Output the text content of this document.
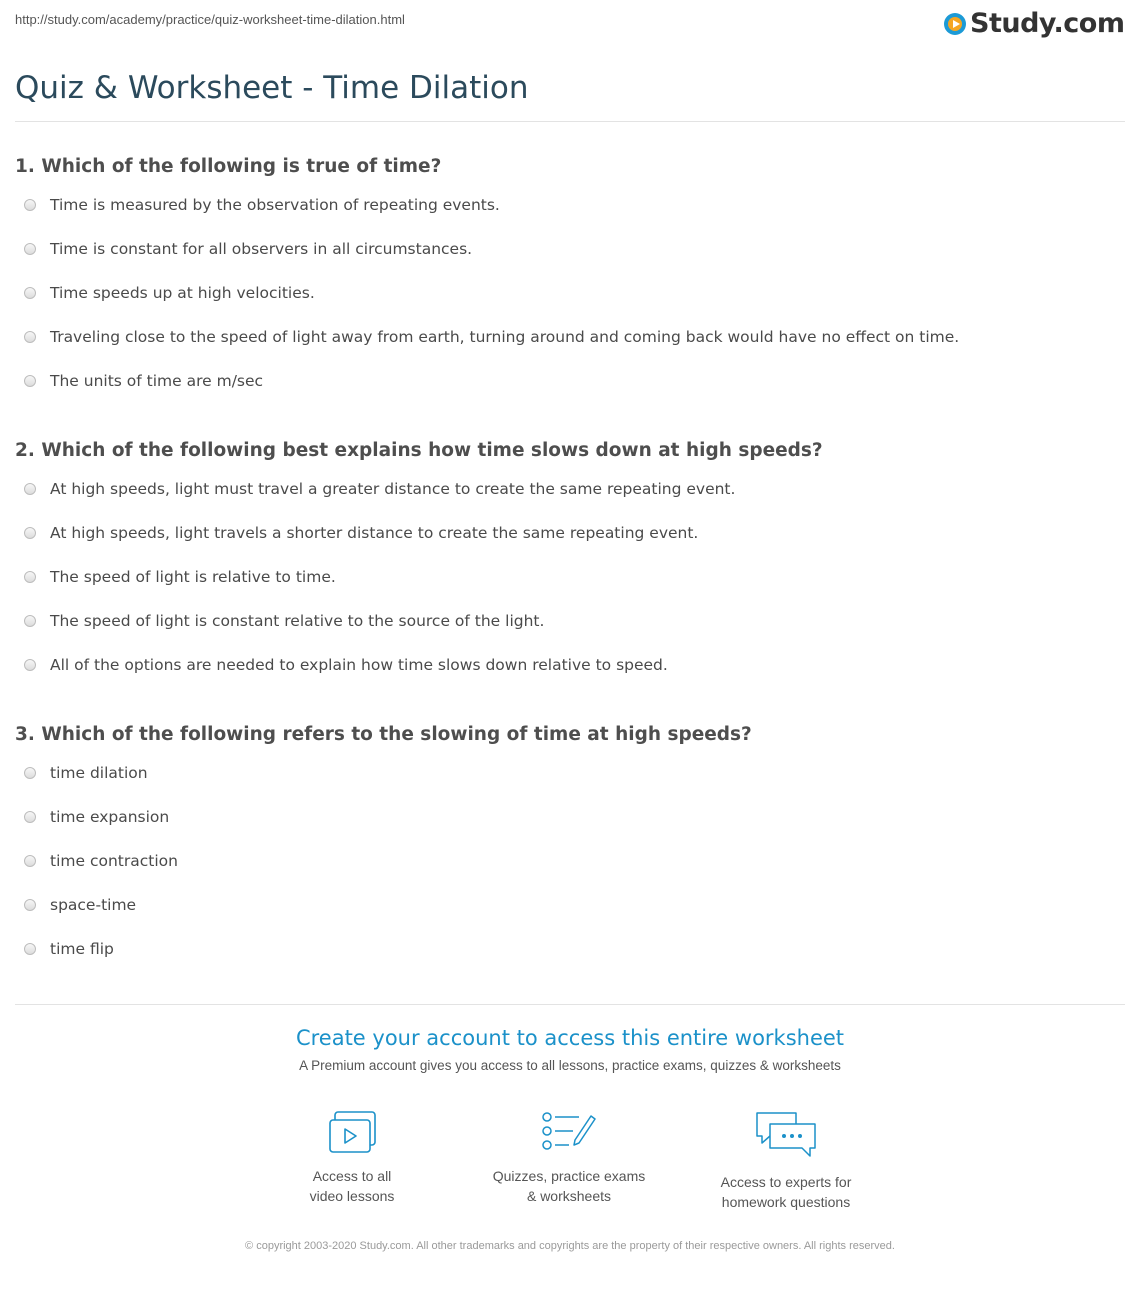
http://study.com/academy/practice/quiz-worksheet-time-dilation.html	Study.com
Quiz & Worksheet - Time Dilation
1. Which of the following is true of time?
Time is measured by the observation of repeating events.
Time is constant for all observers in all circumstances.
Time speeds up at high velocities.
Traveling close to the speed of light away from earth, turning around and coming back would have no effect on time.
The units of time are m/sec
2. Which of the following best explains how time slows down at high speeds?
At high speeds, light must travel a greater distance to create the same repeating event.
At high speeds, light travels a shorter distance to create the same repeating event.
The speed of light is relative to time.
The speed of light is constant relative to the source of the light.
All of the options are needed to explain how time slows down relative to speed.
3. Which of the following refers to the slowing of time at high speeds?
time dilation
time expansion
time contraction
space-time
time flip
Create your account to access this entire worksheet
A Premium account gives you access to all lessons, practice exams, quizzes & worksheets
Access to all
video lessons
Quizzes, practice exams
& worksheets
Access to experts for
homework questions
© copyright 2003-2020 Study.com. All other trademarks and copyrights are the property of their respective owners. All rights reserved.
